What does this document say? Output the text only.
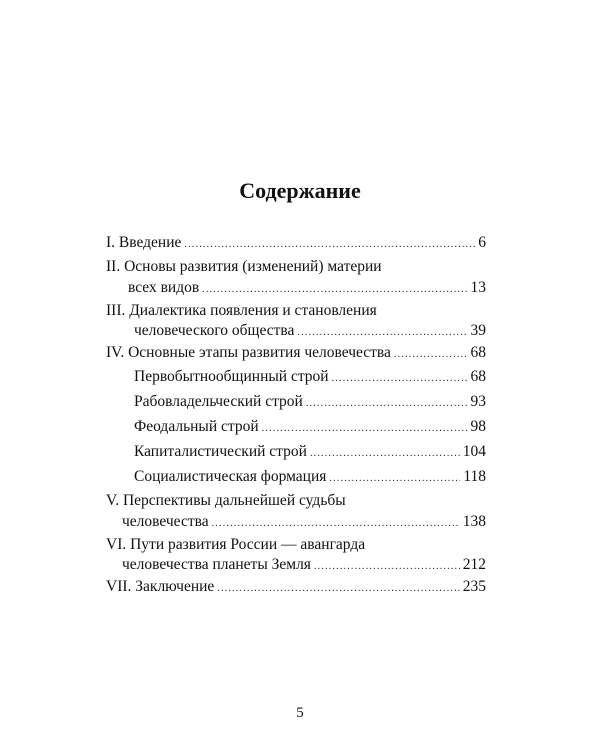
Содержание
I. Введение .....	6
II. Основы развития (изменений) материи
всех видов .....	13
III. Диалектика появления и становления
человеческого общества .....	39
IV. Основные этапы развития человечества .....	68
Первобытнообщинный строй .....	68
Рабовладельческий строй .....	93
Феодальный строй .....	98
Капиталистический строй .....	104
Социалистическая формация .....	118
V. Перспективы дальнейшей судьбы
человечества .....	138
VI. Пути развития России — авангарда
человечества планеты Земля .....	212
VII. Заключение .....	235
5
